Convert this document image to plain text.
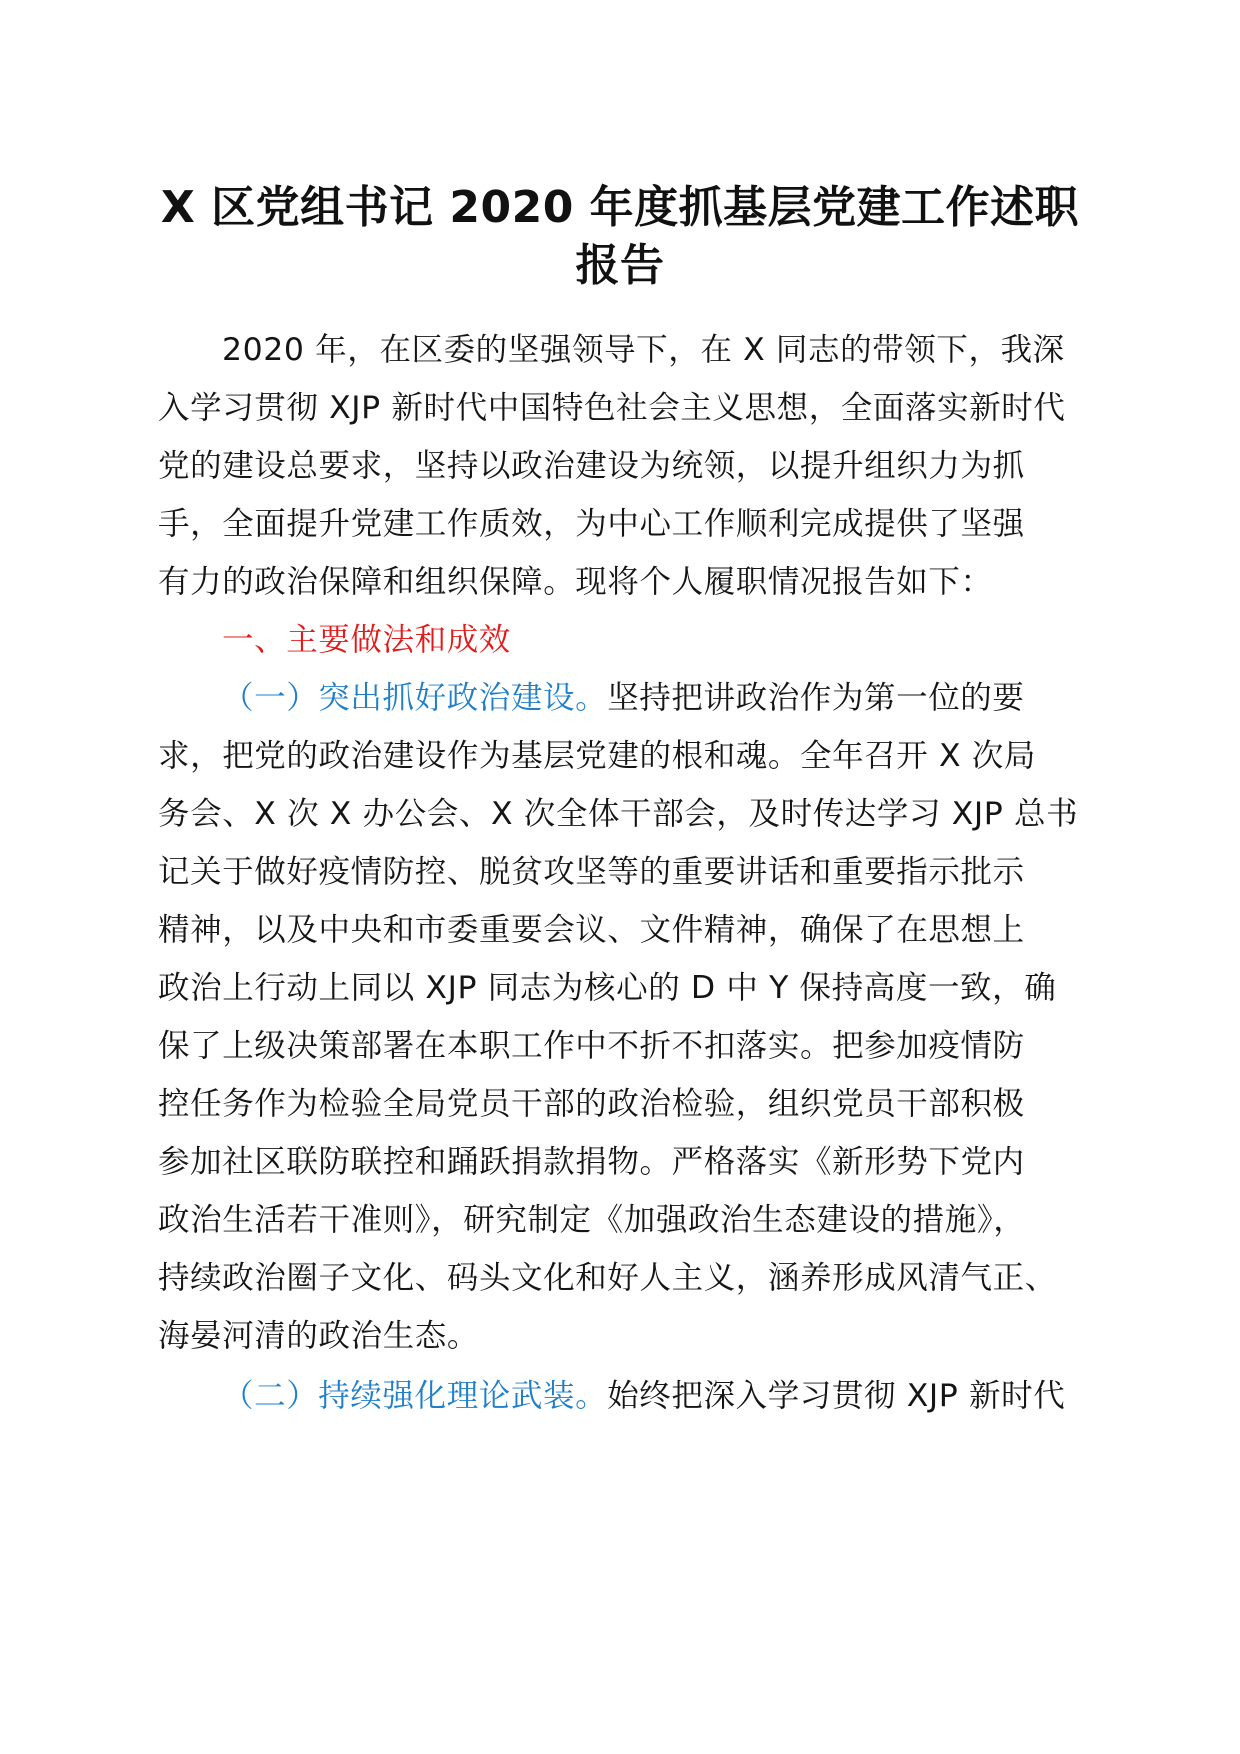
X 区党组书记 2020 年度抓基层党建工作述职
报告
2020 年，在区委的坚强领导下，在 X 同志的带领下，我深
入学习贯彻 XJP 新时代中国特色社会主义思想，全面落实新时代
党的建设总要求，坚持以政治建设为统领，以提升组织力为抓
手，全面提升党建工作质效，为中心工作顺利完成提供了坚强
有力的政治保障和组织保障。现将个人履职情况报告如下：
一、主要做法和成效
（一）突出抓好政治建设。坚持把讲政治作为第一位的要
求，把党的政治建设作为基层党建的根和魂。全年召开 X 次局
务会、X 次 X 办公会、X 次全体干部会，及时传达学习 XJP 总书
记关于做好疫情防控、脱贫攻坚等的重要讲话和重要指示批示
精神，以及中央和市委重要会议、文件精神，确保了在思想上
政治上行动上同以 XJP 同志为核心的 D 中 Y 保持高度一致，确
保了上级决策部署在本职工作中不折不扣落实。把参加疫情防
控任务作为检验全局党员干部的政治检验，组织党员干部积极
参加社区联防联控和踊跃捐款捐物。严格落实《新形势下党内
政治生活若干准则》，研究制定《加强政治生态建设的措施》，
持续政治圈子文化、码头文化和好人主义，涵养形成风清气正、
海晏河清的政治生态。
（二）持续强化理论武装。始终把深入学习贯彻 XJP 新时代
